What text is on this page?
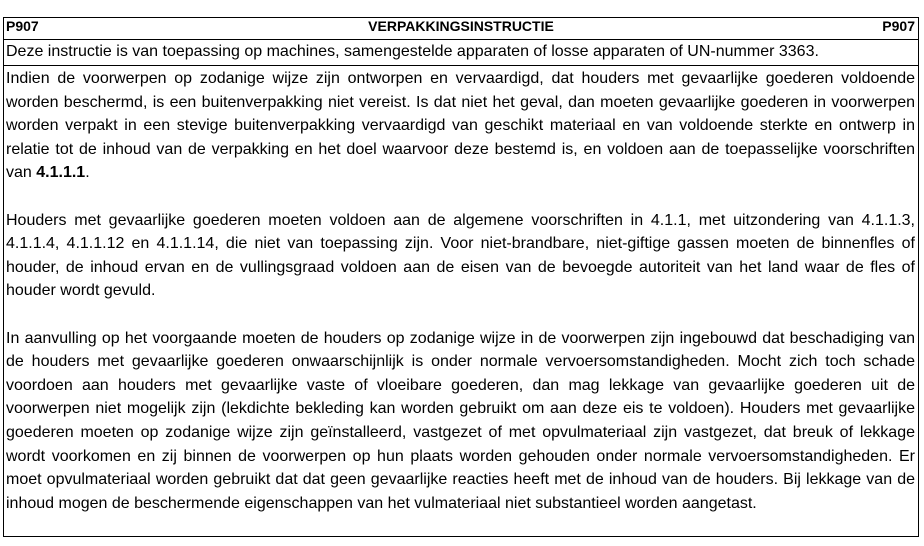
P907	VERPAKKINGSINSTRUCTIE	P907
Deze instructie is van toepassing op machines, samengestelde apparaten of losse apparaten of UN-nummer 3363.

Indien de voorwerpen op zodanige wijze zijn ontworpen en vervaardigd, dat houders met gevaarlijke goederen voldoende worden beschermd, is een buitenverpakking niet vereist. Is dat niet het geval, dan moeten gevaarlijke goederen in voorwerpen worden verpakt in een stevige buitenverpakking vervaardigd van geschikt materiaal en van voldoende sterkte en ontwerp in relatie tot de inhoud van de verpakking en het doel waarvoor deze bestemd is, en voldoen aan de toepasselijke voorschriften van 4.1.1.1.

Houders met gevaarlijke goederen moeten voldoen aan de algemene voorschriften in 4.1.1, met uitzondering van 4.1.1.3, 4.1.1.4, 4.1.1.12 en 4.1.1.14, die niet van toepassing zijn. Voor niet-brandbare, niet-giftige gassen moeten de binnenfles of houder, de inhoud ervan en de vullingsgraad voldoen aan de eisen van de bevoegde autoriteit van het land waar de fles of houder wordt gevuld.

In aanvulling op het voorgaande moeten de houders op zodanige wijze in de voorwerpen zijn ingebouwd dat beschadiging van de houders met gevaarlijke goederen onwaarschijnlijk is onder normale vervoersomstandigheden. Mocht zich toch schade voordoen aan houders met gevaarlijke vaste of vloeibare goederen, dan mag lekkage van gevaarlijke goederen uit de voorwerpen niet mogelijk zijn (lekdichte bekleding kan worden gebruikt om aan deze eis te voldoen). Houders met gevaarlijke goederen moeten op zodanige wijze zijn geïnstalleerd, vastgezet of met opvulmateriaal zijn vastgezet, dat breuk of lekkage wordt voorkomen en zij binnen de voorwerpen op hun plaats worden gehouden onder normale vervoersomstandigheden. Er moet opvulmateriaal worden gebruikt dat dat geen gevaarlijke reacties heeft met de inhoud van de houders. Bij lekkage van de inhoud mogen de beschermende eigenschappen van het vulmateriaal niet substantieel worden aangetast.
